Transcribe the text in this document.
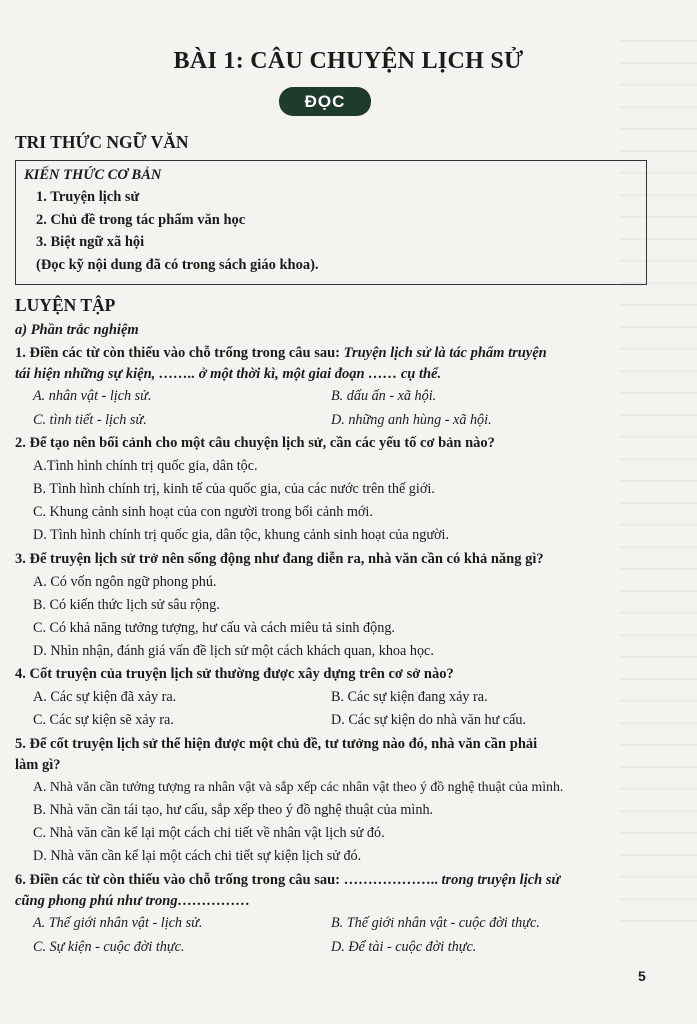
BÀI 1: CÂU CHUYỆN LỊCH SỬ
ĐỌC
TRI THỨC NGỮ VĂN
KIẾN THỨC CƠ BẢN
1. Truyện lịch sử
2. Chủ đề trong tác phẩm văn học
3. Biệt ngữ xã hội
(Đọc kỹ nội dung đã có trong sách giáo khoa).
LUYỆN TẬP
a) Phần trắc nghiệm
1. Điền các từ còn thiếu vào chỗ trống trong câu sau: Truyện lịch sử là tác phẩm truyện
tái hiện những sự kiện, …….. ở một thời kì, một giai đoạn …… cụ thể.
A. nhân vật - lịch sử.	B. dấu ấn - xã hội.
C. tình tiết - lịch sử.	D. những anh hùng - xã hội.
2. Để tạo nên bối cảnh cho một câu chuyện lịch sử, cần các yếu tố cơ bản nào?
A.Tình hình chính trị quốc gia, dân tộc.
B. Tình hình chính trị, kinh tế của quốc gia, của các nước trên thế giới.
C. Khung cảnh sinh hoạt của con người trong bối cảnh mới.
D. Tình hình chính trị quốc gia, dân tộc, khung cảnh sinh hoạt của người.
3. Để truyện lịch sử trở nên sống động như đang diễn ra, nhà văn cần có khả năng gì?
A. Có vốn ngôn ngữ phong phú.
B. Có kiến thức lịch sử sâu rộng.
C. Có khả năng tưởng tượng, hư cấu và cách miêu tả sinh động.
D. Nhìn nhận, đánh giá vấn đề lịch sử một cách khách quan, khoa học.
4. Cốt truyện của truyện lịch sử thường được xây dựng trên cơ sở nào?
A. Các sự kiện đã xảy ra.	B. Các sự kiện đang xảy ra.
C. Các sự kiện sẽ xảy ra.	D. Các sự kiện do nhà văn hư cấu.
5. Để cốt truyện lịch sử thể hiện được một chủ đề, tư tưởng nào đó, nhà văn cần phải
làm gì?
A. Nhà văn cần tưởng tượng ra nhân vật và sắp xếp các nhân vật theo ý đồ nghệ thuật của mình.
B. Nhà văn cần tái tạo, hư cấu, sắp xếp theo ý đồ nghệ thuật của mình.
C. Nhà văn cần kể lại một cách chi tiết về nhân vật lịch sử đó.
D. Nhà văn cần kể lại một cách chi tiết sự kiện lịch sử đó.
6. Điền các từ còn thiếu vào chỗ trống trong câu sau: ……………….. trong truyện lịch sử
cũng phong phú như trong……………
A. Thế giới nhân vật - lịch sử.	B. Thế giới nhân vật - cuộc đời thực.
C. Sự kiện - cuộc đời thực.	D. Để tài - cuộc đời thực.
5
